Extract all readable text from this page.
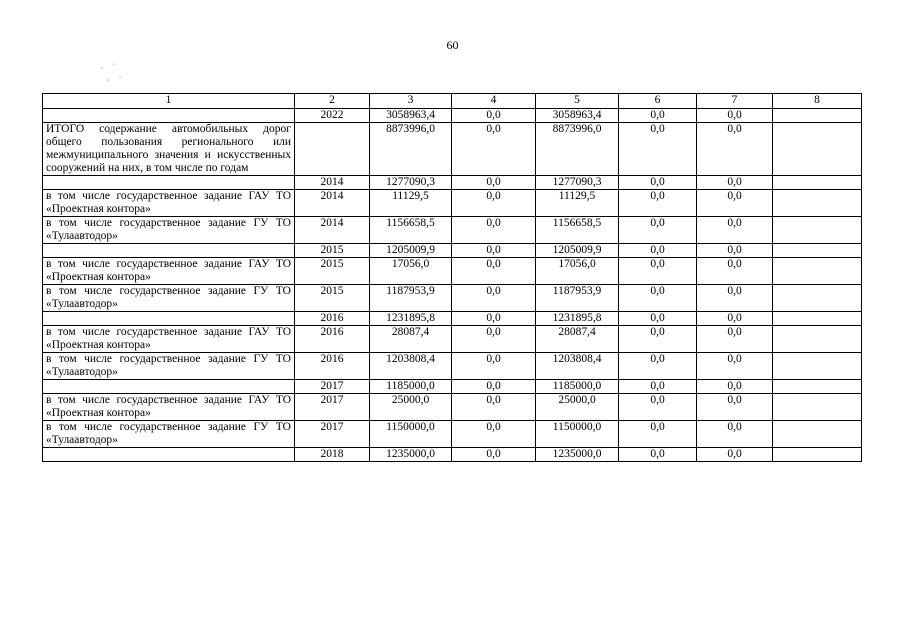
60
1	2	3	4	5	6	7	8
	2022	3058963,4	0,0	3058963,4	0,0	0,0	
ИТОГО содержание автомобильных дорог общего пользования регионального или межмуниципального значения и искусственных сооружений на них, в том числе по годам		8873996,0	0,0	8873996,0	0,0	0,0	
	2014	1277090,3	0,0	1277090,3	0,0	0,0	
в том числе государственное задание ГАУ ТО «Проектная контора»	2014	11129,5	0,0	11129,5	0,0	0,0	
в том числе государственное задание ГУ ТО «Тулаавтодор»	2014	1156658,5	0,0	1156658,5	0,0	0,0	
	2015	1205009,9	0,0	1205009,9	0,0	0,0	
в том числе государственное задание ГАУ ТО «Проектная контора»	2015	17056,0	0,0	17056,0	0,0	0,0	
в том числе государственное задание ГУ ТО «Тулаавтодор»	2015	1187953,9	0,0	1187953,9	0,0	0,0	
	2016	1231895,8	0,0	1231895,8	0,0	0,0	
в том числе государственное задание ГАУ ТО «Проектная контора»	2016	28087,4	0,0	28087,4	0,0	0,0	
в том числе государственное задание ГУ ТО «Тулаавтодор»	2016	1203808,4	0,0	1203808,4	0,0	0,0	
	2017	1185000,0	0,0	1185000,0	0,0	0,0	
в том числе государственное задание ГАУ ТО «Проектная контора»	2017	25000,0	0,0	25000,0	0,0	0,0	
в том числе государственное задание ГУ ТО «Тулаавтодор»	2017	1150000,0	0,0	1150000,0	0,0	0,0	
	2018	1235000,0	0,0	1235000,0	0,0	0,0	
